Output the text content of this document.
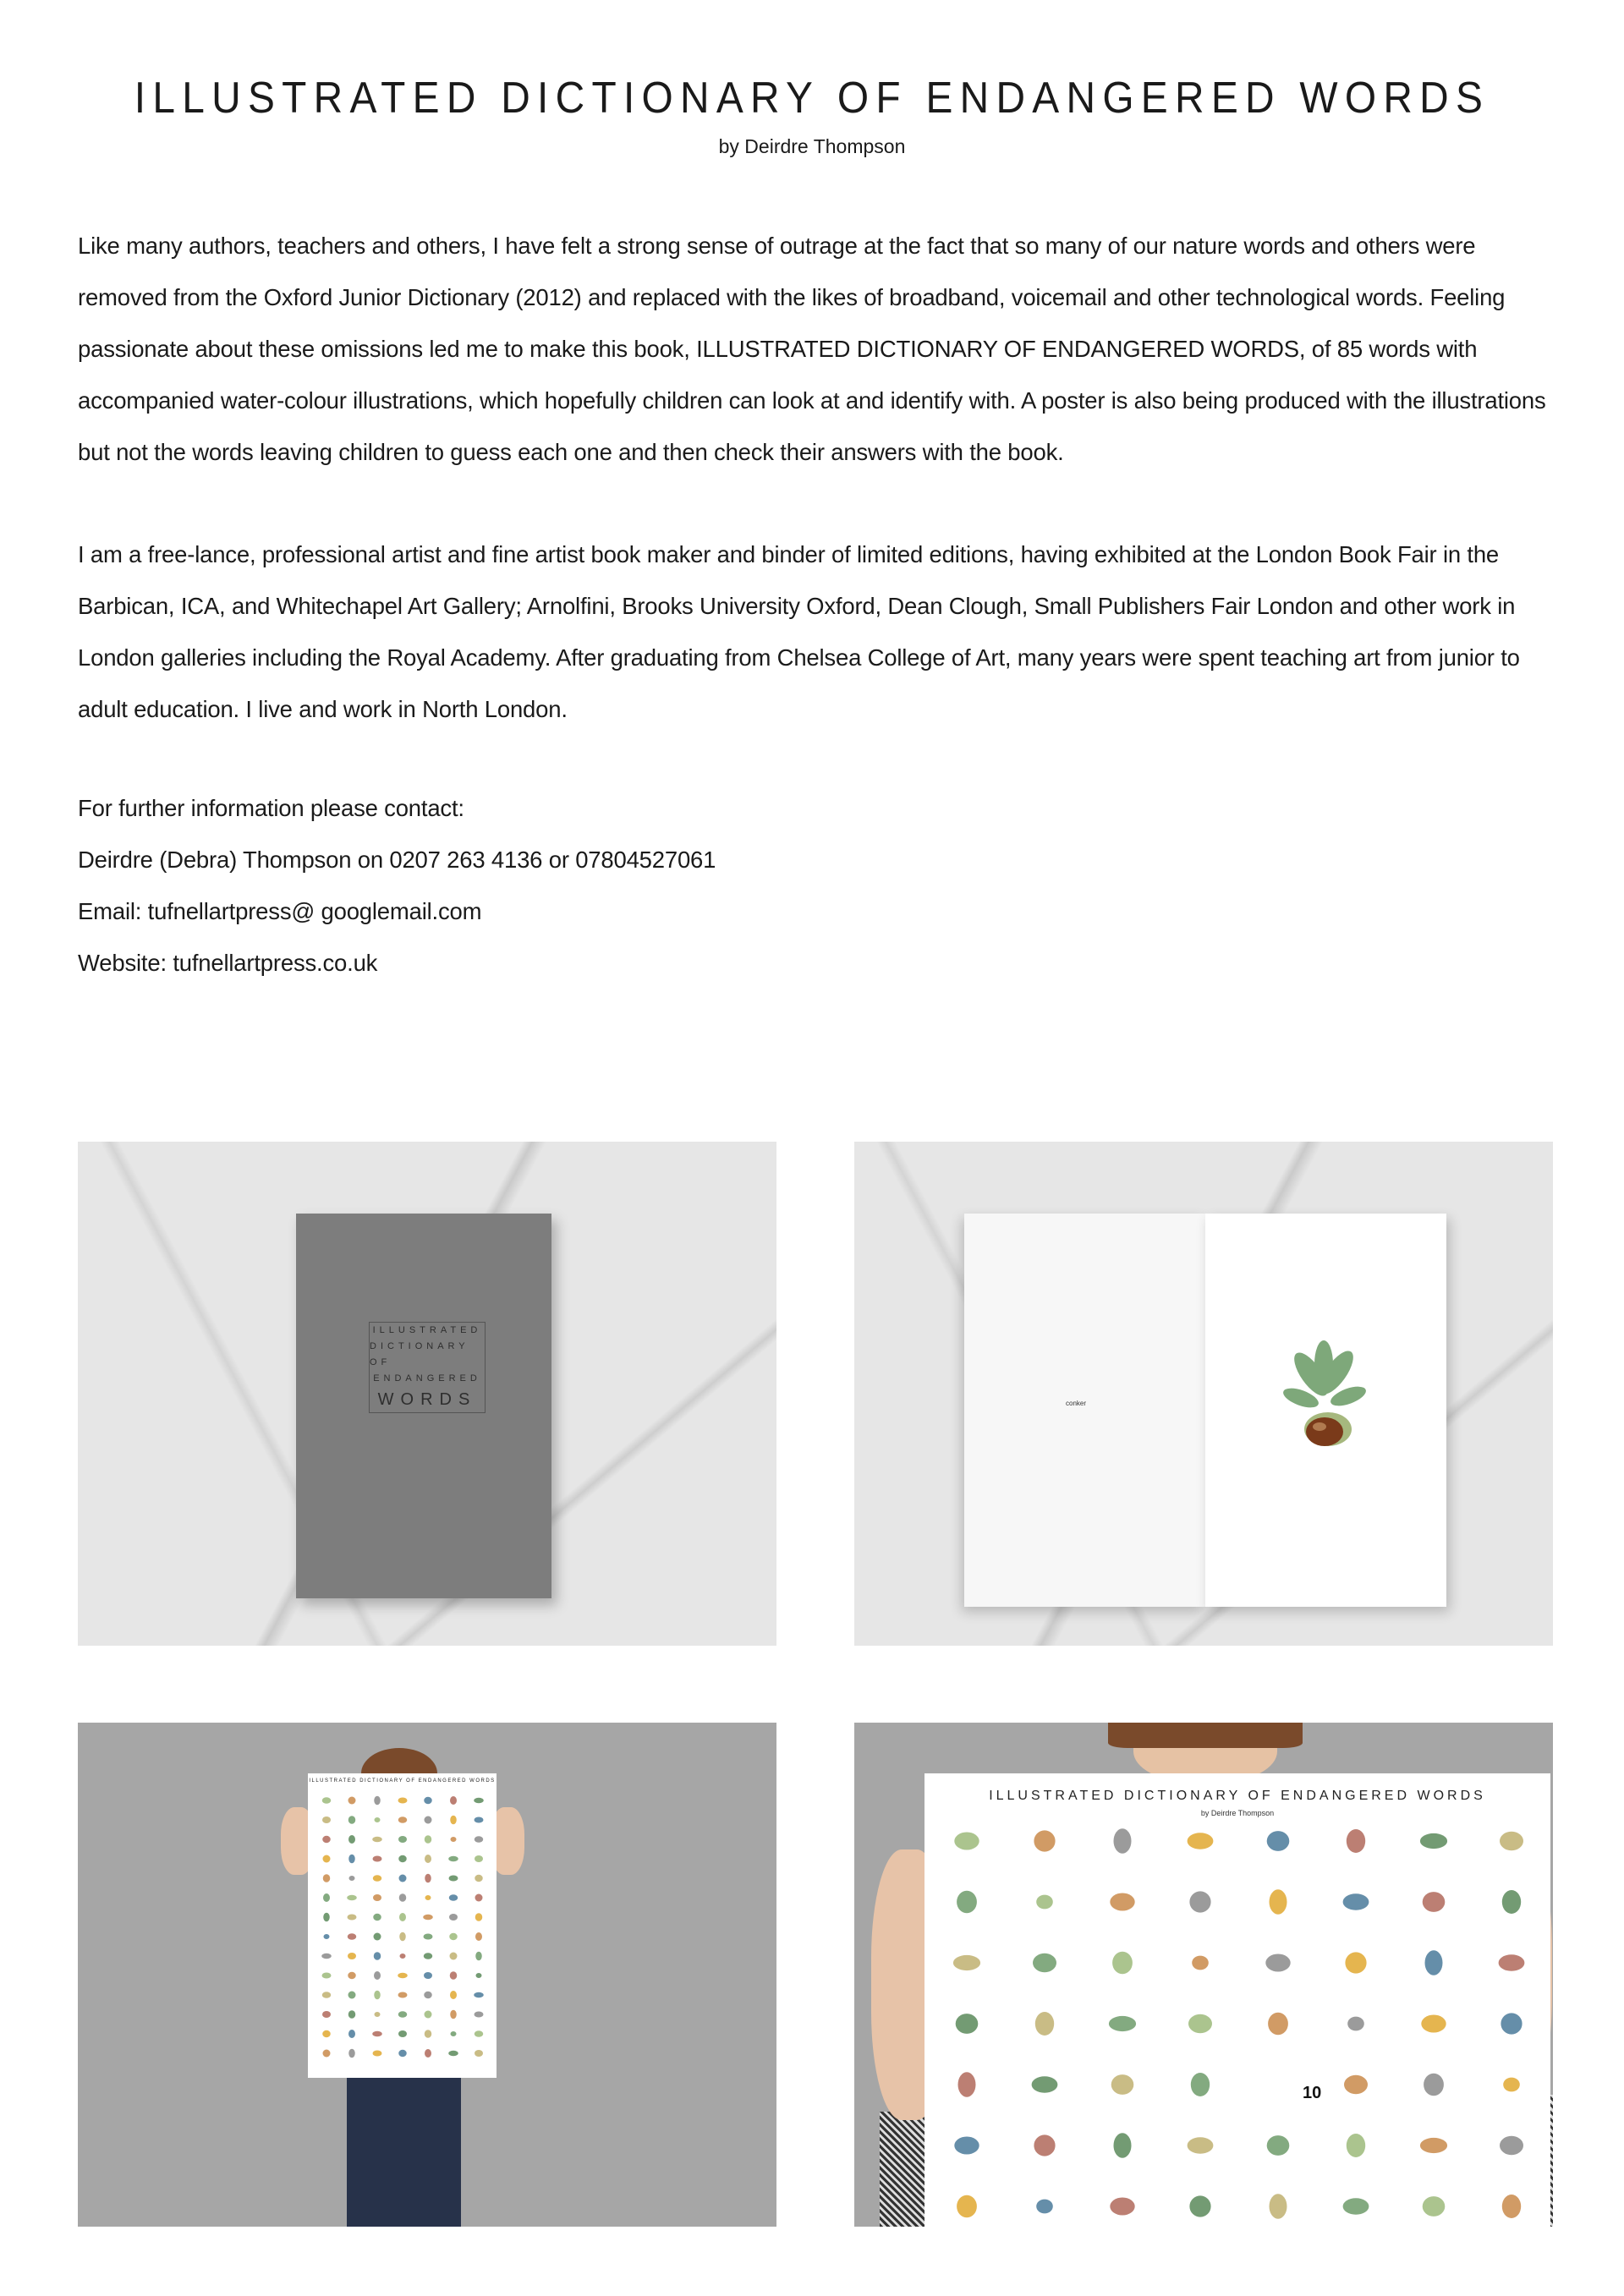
ILLUSTRATED DICTIONARY OF ENDANGERED WORDS
by Deirdre Thompson
Like many authors, teachers and others, I have felt a strong sense of outrage at the fact that so many of our nature words and others were removed from the Oxford Junior Dictionary (2012) and replaced with the likes of broadband, voicemail and other technological words. Feeling passionate about these omissions led me to make this book, ILLUSTRATED DICTIONARY OF ENDANGERED WORDS, of 85 words with accompanied water-colour illustrations, which hopefully children can look at and identify with. A poster is also being produced with the illustrations but not the words leaving children to guess each one and then check their answers with the book.
I am a free-lance, professional artist and fine artist book maker and binder of limited editions, having exhibited at the London Book Fair in the Barbican, ICA, and Whitechapel Art Gallery; Arnolfini, Brooks University Oxford, Dean Clough, Small Publishers Fair London and other work in London galleries including the Royal Academy. After graduating from Chelsea College of Art, many years were spent teaching art from junior to adult education. I live and work in North London.
For further information please contact:
Deirdre (Debra) Thompson on 0207 263 4136 or 07804527061
Email: tufnellartpress@ googlemail.com
Website: tufnellartpress.co.uk
ILLUSTRATED
DICTIONARY OF
ENDANGERED
WORDS	conker
ILLUSTRATED DICTIONARY OF ENDANGERED WORDS
ILLUSTRATED DICTIONARY OF ENDANGERED WORDS
by Deirdre Thompson
10
